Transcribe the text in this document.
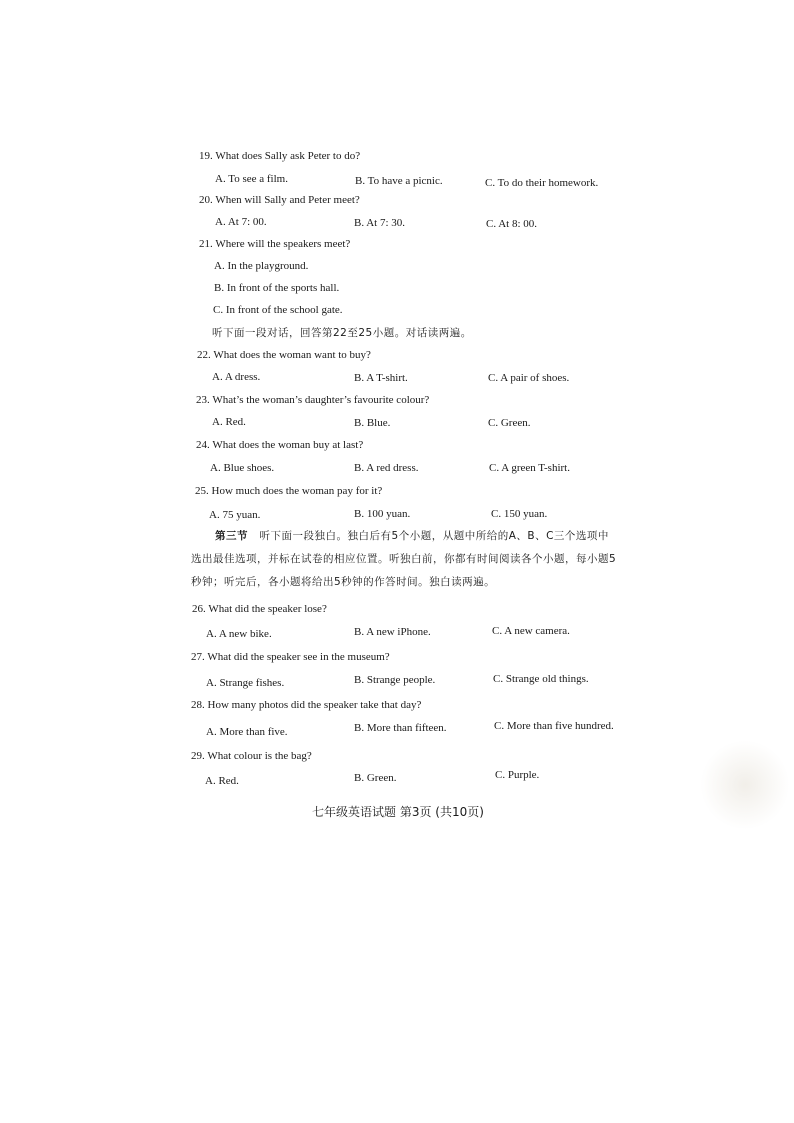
19. What does Sally ask Peter to do?
A. To see a film.	B. To have a picnic.	C. To do their homework.
20. When will Sally and Peter meet?
A. At 7: 00.	B. At 7: 30.	C. At 8: 00.
21. Where will the speakers meet?
A. In the playground.
B. In front of the sports hall.
C. In front of the school gate.
听下面一段对话，回答第22至25小题。对话读两遍。
22. What does the woman want to buy?
A. A dress.	B. A T-shirt.	C. A pair of shoes.
23. What’s the woman’s daughter’s favourite colour?
A. Red.	B. Blue.	C. Green.
24. What does the woman buy at last?
A. Blue shoes.	B. A red dress.	C. A green T-shirt.
25. How much does the woman pay for it?
A. 75 yuan.	B. 100 yuan.	C. 150 yuan.
第三节 听下面一段独白。独白后有5个小题，从题中所给的A、B、C三个选项中
选出最佳选项，并标在试卷的相应位置。听独白前，你都有时间阅读各个小题，每小题5
秒钟；听完后，各小题将给出5秒钟的作答时间。独白读两遍。
26. What did the speaker lose?
A. A new bike.	B. A new iPhone.	C. A new camera.
27. What did the speaker see in the museum?
A. Strange fishes.	B. Strange people.	C. Strange old things.
28. How many photos did the speaker take that day?
A. More than five.	B. More than fifteen.	C. More than five hundred.
29. What colour is the bag?
A. Red.	B. Green.	C. Purple.
七年级英语试题 第3页 (共10页)
